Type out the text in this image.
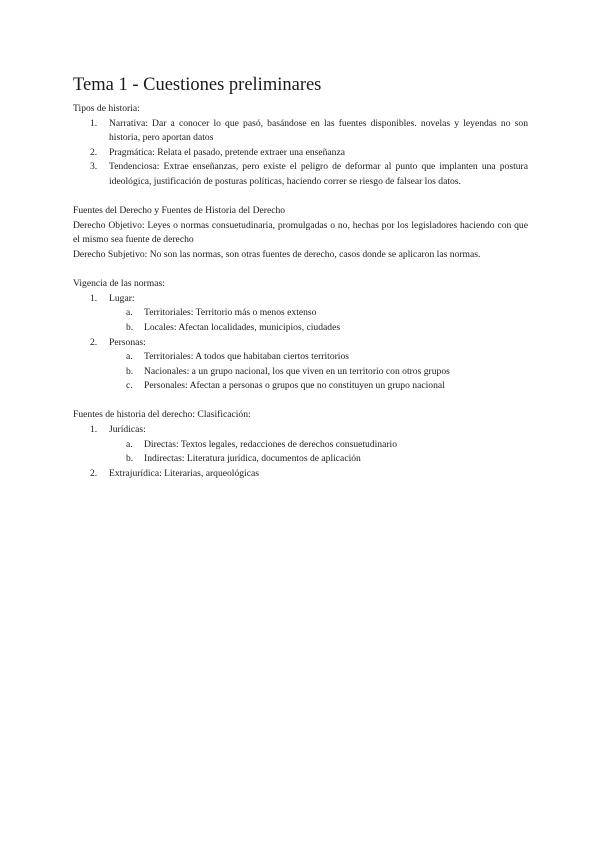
Tema 1 - Cuestiones preliminares
Tipos de historia:
1. Narrativa: Dar a conocer lo que pasó, basándose en las fuentes disponibles. novelas y leyendas no son historia, pero aportan datos
2. Pragmática: Relata el pasado, pretende extraer una enseñanza
3. Tendenciosa: Extrae enseñanzas, pero existe el peligro de deformar al punto que implanten una postura ideológica, justificación de posturas políticas, haciendo correr se riesgo de falsear los datos.
Fuentes del Derecho y Fuentes de Historia del Derecho
Derecho Objetivo: Leyes o normas consuetudinaria, promulgadas o no, hechas por los legisladores haciendo con que el mismo sea fuente de derecho
Derecho Subjetivo: No son las normas, son otras fuentes de derecho, casos donde se aplicaron las normas.
Vigencia de las normas:
1. Lugar:
a. Territoriales: Territorio más o menos extenso
b. Locales: Afectan localidades, municipios, ciudades
2. Personas:
a. Territoriales: A todos que habitaban ciertos territorios
b. Nacionales: a un grupo nacional, los que viven en un territorio con otros grupos
c. Personales: Afectan a personas o grupos que no constituyen un grupo nacional
Fuentes de historia del derecho: Clasificación:
1. Jurídicas:
a. Directas: Textos legales, redacciones de derechos consuetudinario
b. Indirectas: Literatura jurídica, documentos de aplicación
2. Extrajurídica: Literarias, arqueológicas
